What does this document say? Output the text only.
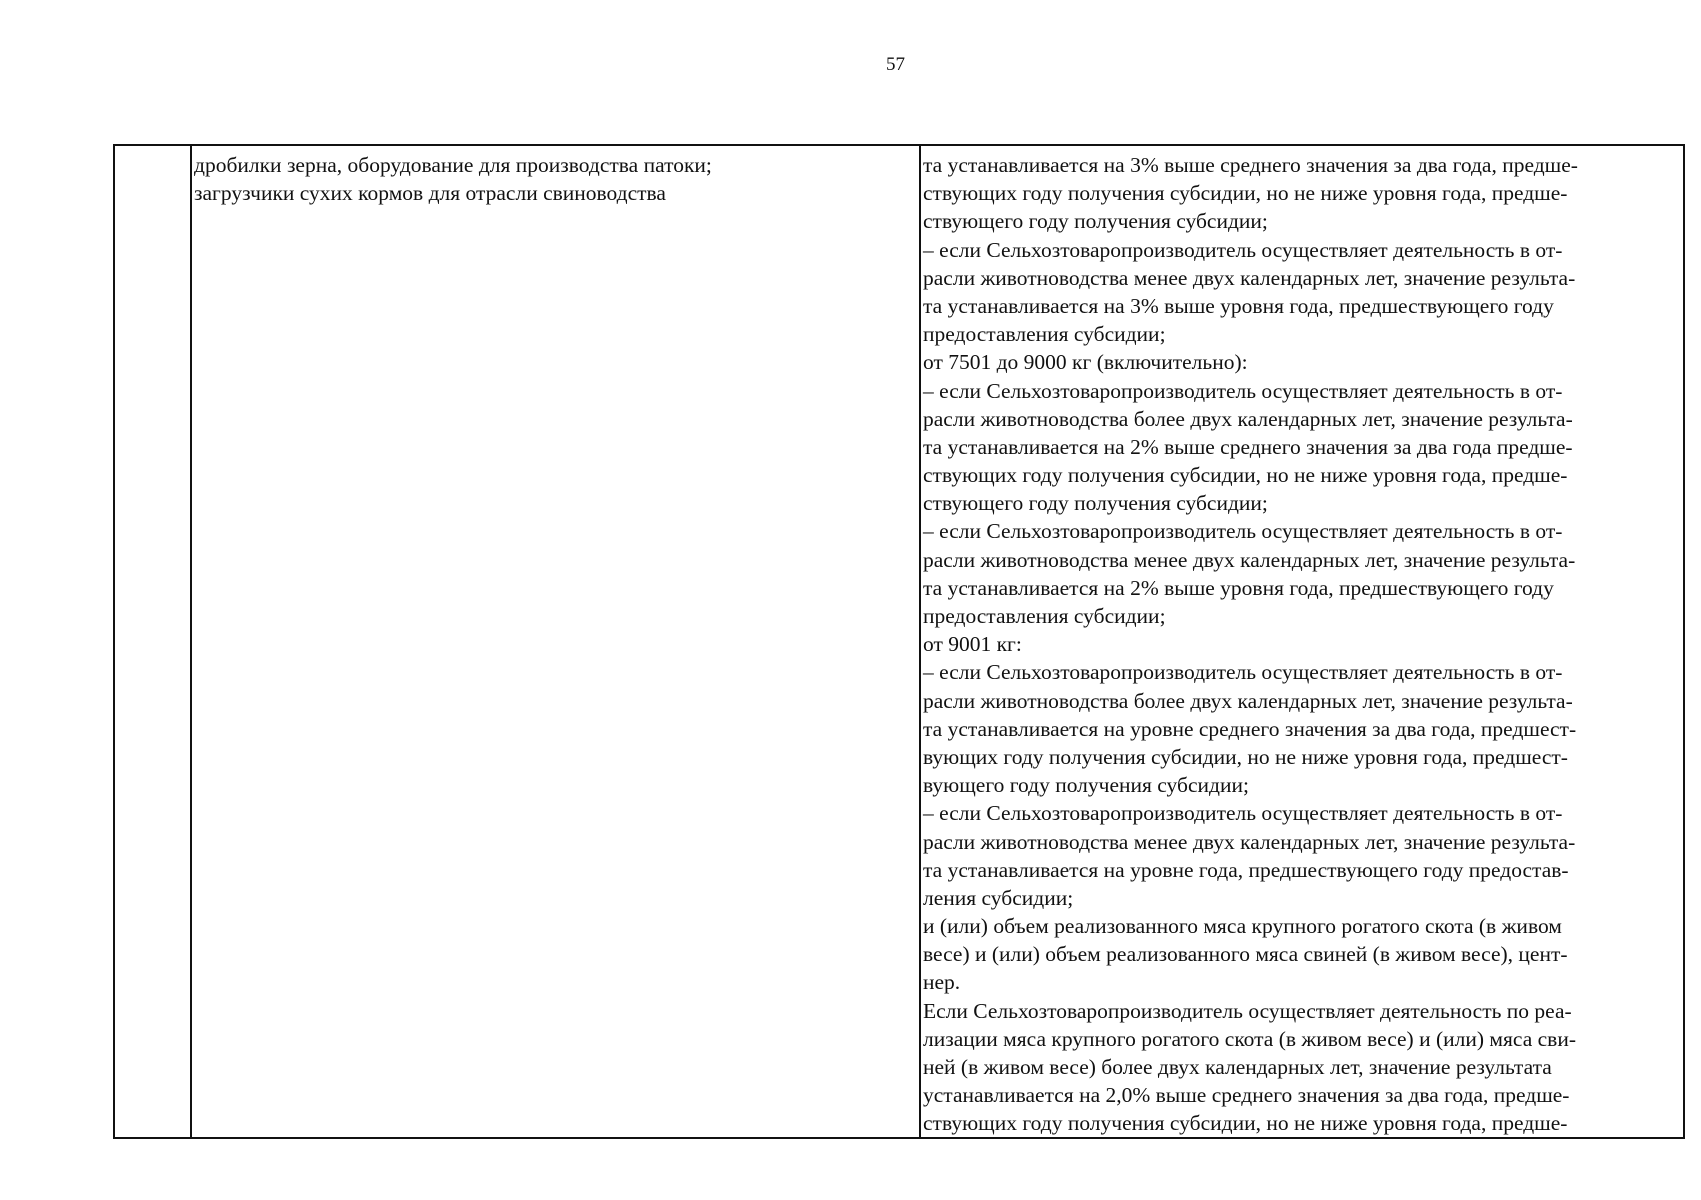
57
дробилки зерна, оборудование для производства патоки;
загрузчики сухих кормов для отрасли свиноводства
та устанавливается на 3% выше среднего значения за два года, предше-
ствующих году получения субсидии, но не ниже уровня года, предше-
ствующего году получения субсидии;
– если Сельхозтоваропроизводитель осуществляет деятельность в от-
расли животноводства менее двух календарных лет, значение результа-
та устанавливается на 3% выше уровня года, предшествующего году
предоставления субсидии;
от 7501 до 9000 кг (включительно):
– если Сельхозтоваропроизводитель осуществляет деятельность в от-
расли животноводства более двух календарных лет, значение результа-
та устанавливается на 2% выше среднего значения за два года предше-
ствующих году получения субсидии, но не ниже уровня года, предше-
ствующего году получения субсидии;
– если Сельхозтоваропроизводитель осуществляет деятельность в от-
расли животноводства менее двух календарных лет, значение результа-
та устанавливается на 2% выше уровня года, предшествующего году
предоставления субсидии;
от 9001 кг:
– если Сельхозтоваропроизводитель осуществляет деятельность в от-
расли животноводства более двух календарных лет, значение результа-
та устанавливается на уровне среднего значения за два года, предшест-
вующих году получения субсидии, но не ниже уровня года, предшест-
вующего году получения субсидии;
– если Сельхозтоваропроизводитель осуществляет деятельность в от-
расли животноводства менее двух календарных лет, значение результа-
та устанавливается на уровне года, предшествующего году предостав-
ления субсидии;
и (или) объем реализованного мяса крупного рогатого скота (в живом
весе) и (или) объем реализованного мяса свиней (в живом весе), цент-
нер.
Если Сельхозтоваропроизводитель осуществляет деятельность по реа-
лизации мяса крупного рогатого скота (в живом весе) и (или) мяса сви-
ней (в живом весе) более двух календарных лет, значение результата
устанавливается на 2,0% выше среднего значения за два года, предше-
ствующих году получения субсидии, но не ниже уровня года, предше-
